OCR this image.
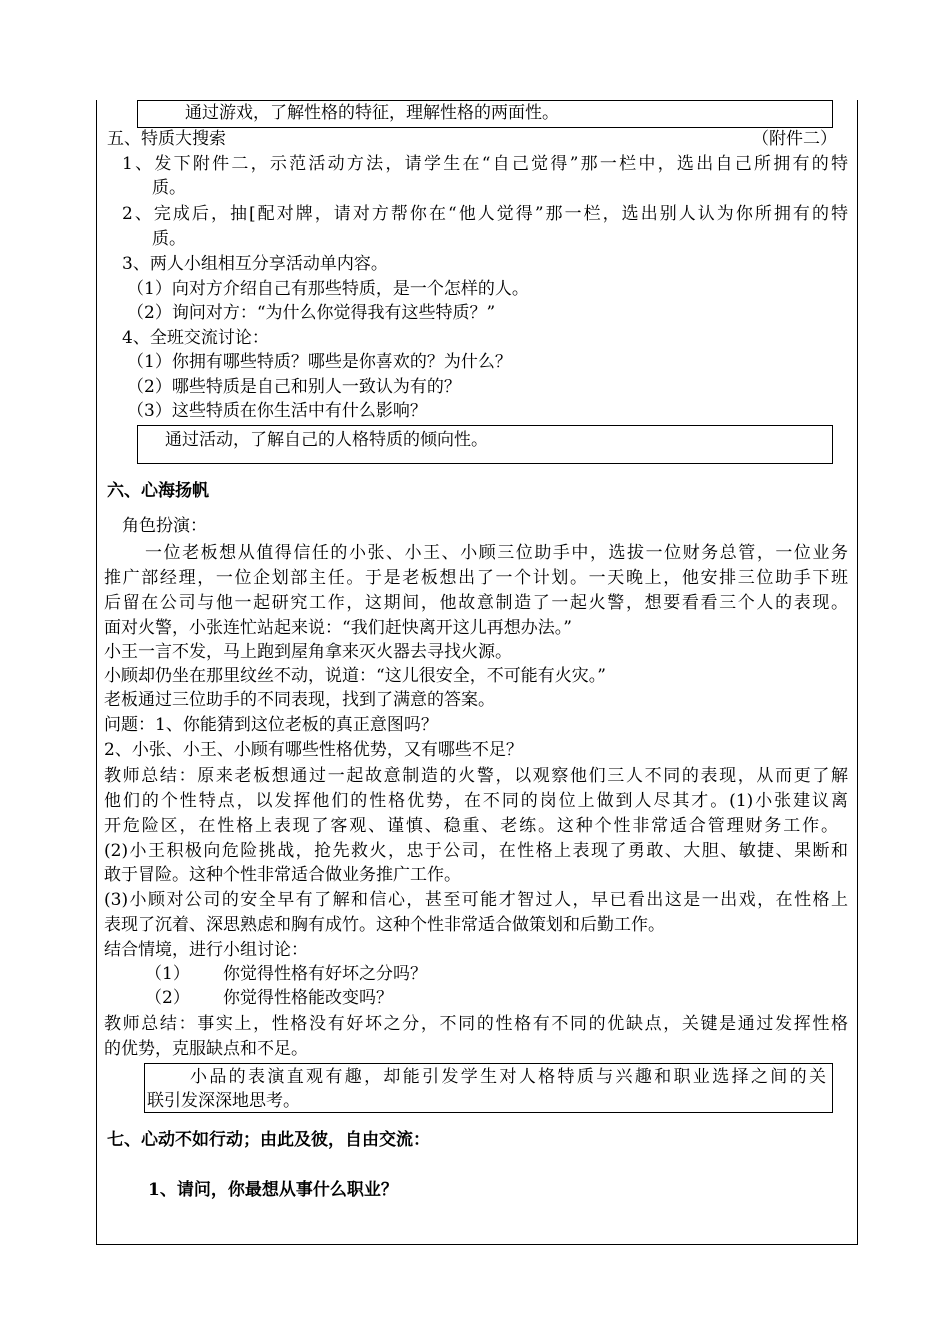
通过游戏，了解性格的特征，理解性格的两面性。
五、特质大搜索	（附件二）
1、发下附件二，示范活动方法，请学生在“自己觉得”那一栏中，选出自己所拥有的特
质。
2、完成后，抽[配对牌，请对方帮你在“他人觉得”那一栏，选出别人认为你所拥有的特
质。
3、两人小组相互分享活动单内容。
（1）向对方介绍自己有那些特质，是一个怎样的人。
（2）询问对方：“为什么你觉得我有这些特质？”
4、全班交流讨论：
（1）你拥有哪些特质？哪些是你喜欢的？为什么？
（2）哪些特质是自己和别人一致认为有的？
（3）这些特质在你生活中有什么影响？
通过活动，了解自己的人格特质的倾向性。
六、心海扬帆
角色扮演：
一位老板想从值得信任的小张、小王、小顾三位助手中，选拔一位财务总管，一位业务
推广部经理，一位企划部主任。于是老板想出了一个计划。一天晚上，他安排三位助手下班
后留在公司与他一起研究工作，这期间，他故意制造了一起火警，想要看看三个人的表现。
面对火警，小张连忙站起来说：“我们赶快离开这儿再想办法。”
小王一言不发，马上跑到屋角拿来灭火器去寻找火源。
小顾却仍坐在那里纹丝不动，说道：“这儿很安全，不可能有火灾。”
老板通过三位助手的不同表现，找到了满意的答案。
问题：1、你能猜到这位老板的真正意图吗？
2、小张、小王、小顾有哪些性格优势，又有哪些不足？
教师总结：原来老板想通过一起故意制造的火警，以观察他们三人不同的表现，从而更了解
他们的个性特点，以发挥他们的性格优势，在不同的岗位上做到人尽其才。(1)小张建议离
开危险区，在性格上表现了客观、谨慎、稳重、老练。这种个性非常适合管理财务工作。
(2)小王积极向危险挑战，抢先救火，忠于公司，在性格上表现了勇敢、大胆、敏捷、果断和
敢于冒险。这种个性非常适合做业务推广工作。
(3)小顾对公司的安全早有了解和信心，甚至可能才智过人，早已看出这是一出戏，在性格上
表现了沉着、深思熟虑和胸有成竹。这种个性非常适合做策划和后勤工作。
结合情境，进行小组讨论：
（1） 你觉得性格有好坏之分吗？
（2） 你觉得性格能改变吗？
教师总结：事实上，性格没有好坏之分，不同的性格有不同的优缺点，关键是通过发挥性格
的优势，克服缺点和不足。
小品的表演直观有趣，却能引发学生对人格特质与兴趣和职业选择之间的关
联引发深深地思考。
七、心动不如行动；由此及彼，自由交流：
1、请问，你最想从事什么职业？
